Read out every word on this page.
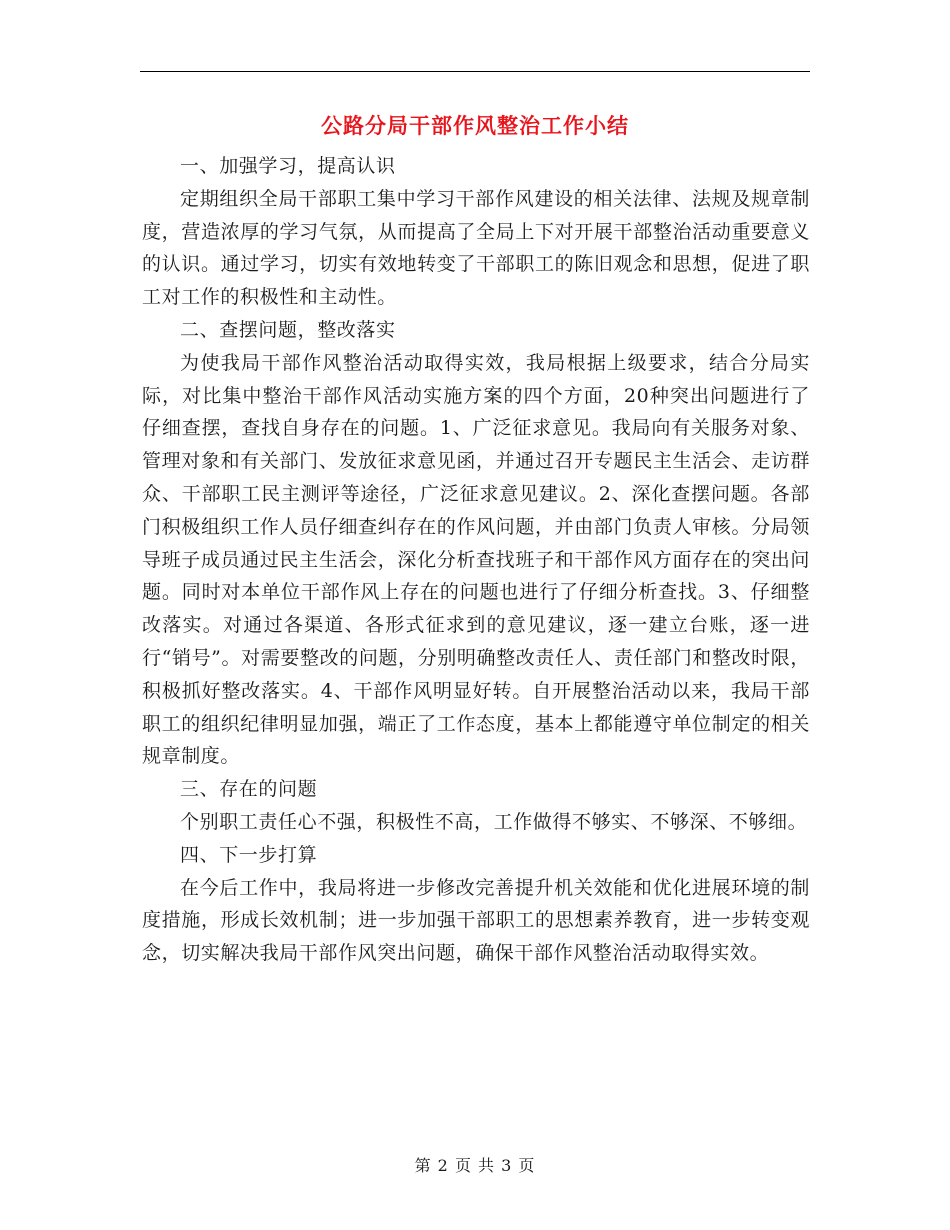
公路分局干部作风整治工作小结

一、加强学习，提高认识

定期组织全局干部职工集中学习干部作风建设的相关法律、法规及规章制度，营造浓厚的学习气氛，从而提高了全局上下对开展干部整治活动重要意义的认识。通过学习，切实有效地转变了干部职工的陈旧观念和思想，促进了职工对工作的积极性和主动性。

二、查摆问题，整改落实

为使我局干部作风整治活动取得实效，我局根据上级要求，结合分局实际，对比集中整治干部作风活动实施方案的四个方面，20种突出问题进行了仔细查摆，查找自身存在的问题。1、广泛征求意见。我局向有关服务对象、管理对象和有关部门、发放征求意见函，并通过召开专题民主生活会、走访群众、干部职工民主测评等途径，广泛征求意见建议。2、深化查摆问题。各部门积极组织工作人员仔细查纠存在的作风问题，并由部门负责人审核。分局领导班子成员通过民主生活会，深化分析查找班子和干部作风方面存在的突出问题。同时对本单位干部作风上存在的问题也进行了仔细分析查找。3、仔细整改落实。对通过各渠道、各形式征求到的意见建议，逐一建立台账，逐一进行“销号”。对需要整改的问题，分别明确整改责任人、责任部门和整改时限，积极抓好整改落实。4、干部作风明显好转。自开展整治活动以来，我局干部职工的组织纪律明显加强，端正了工作态度，基本上都能遵守单位制定的相关规章制度。

三、存在的问题

个别职工责任心不强，积极性不高，工作做得不够实、不够深、不够细。

四、下一步打算

在今后工作中，我局将进一步修改完善提升机关效能和优化进展环境的制度措施，形成长效机制；进一步加强干部职工的思想素养教育，进一步转变观念，切实解决我局干部作风突出问题，确保干部作风整治活动取得实效。

第 2 页 共 3 页
